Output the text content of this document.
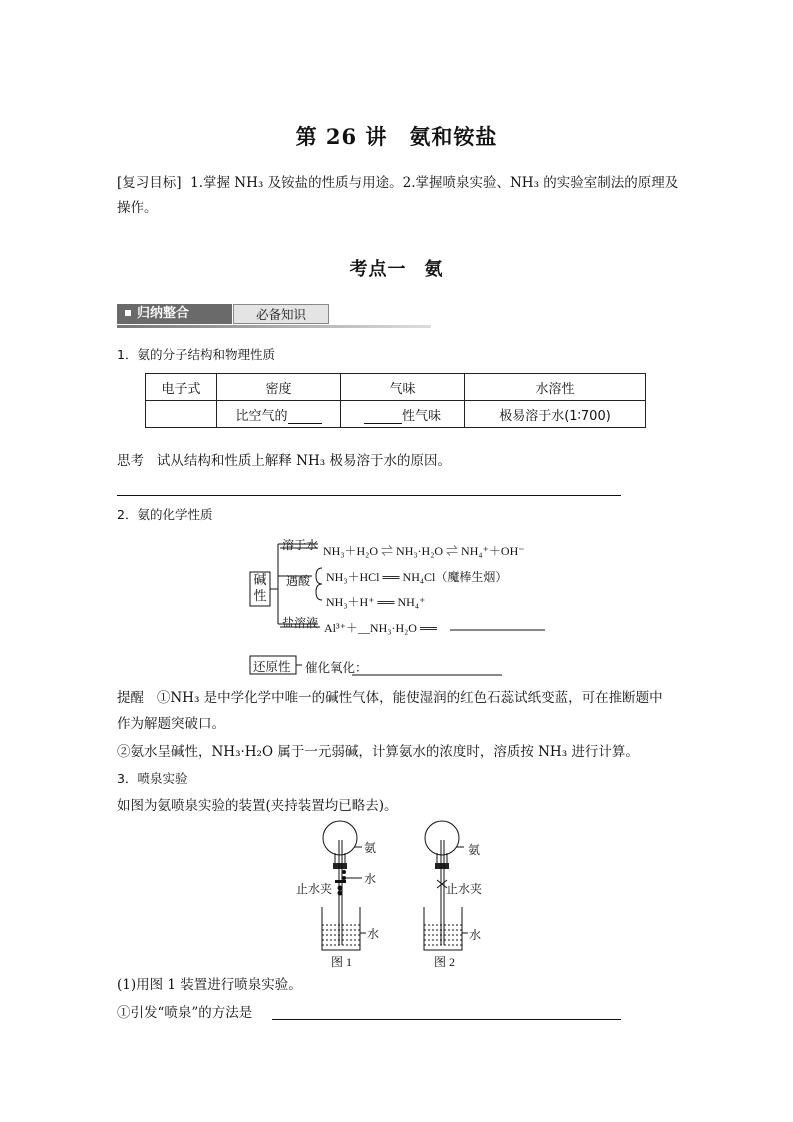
第 26 讲 氨和铵盐
[复习目标] 1.掌握 NH₃ 及铵盐的性质与用途。2.掌握喷泉实验、NH₃ 的实验室制法的原理及
操作。
考点一 氨
归纳整合	必备知识
1．氨的分子结构和物理性质
电子式	密度	气味	水溶性
	比空气的	性气味	极易溶于水(1∶700)
思考 试从结构和性质上解释 NH₃ 极易溶于水的原因。
2．氨的化学性质
碱性
溶于水 NH₃＋H₂O ⇌ NH₃·H₂O ⇌ NH₄⁺＋OH⁻
遇酸 NH₃＋HCl ══ NH₄Cl（魔棒生烟）
NH₃＋H⁺ ══ NH₄⁺
盐溶液 Al³⁺＋__NH₃·H₂O ══
还原性 催化氧化：
提醒 ①NH₃ 是中学化学中唯一的碱性气体，能使湿润的红色石蕊试纸变蓝，可在推断题中
作为解题突破口。
②氨水呈碱性，NH₃·H₂O 属于一元弱碱，计算氨水的浓度时，溶质按 NH₃ 进行计算。
3．喷泉实验
如图为氨喷泉实验的装置(夹持装置均已略去)。
氨
水
止水夹
水
图 1
氨
止水夹
水
图 2
(1)用图 1 装置进行喷泉实验。
①引发“喷泉”的方法是
